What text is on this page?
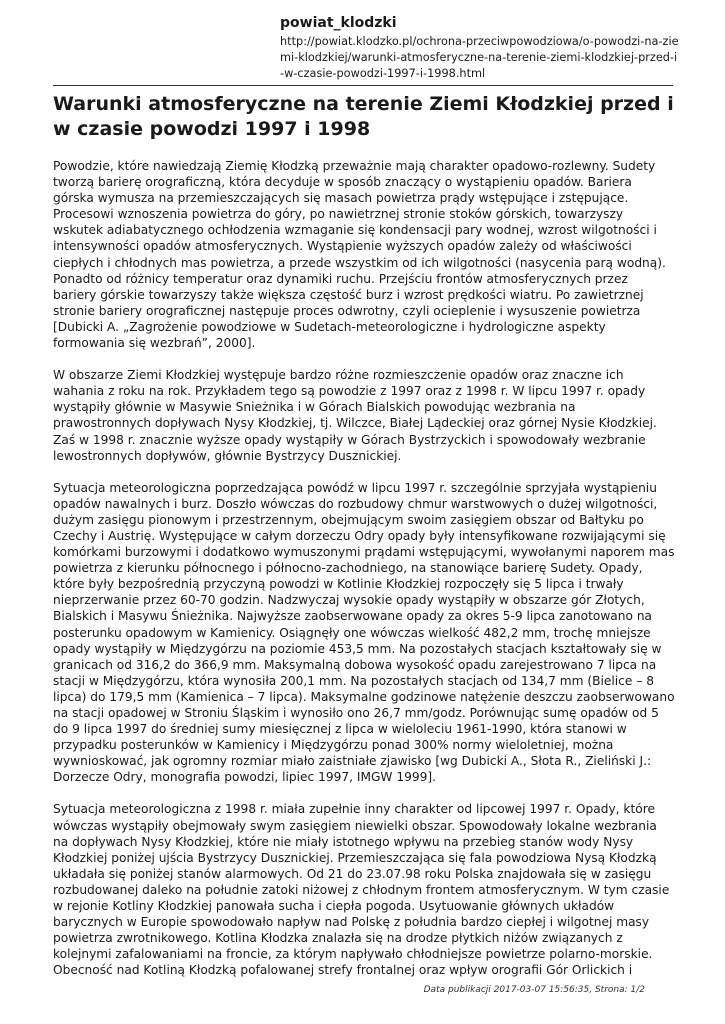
powiat_klodzki

http://powiat.klodzko.pl/ochrona-przeciwpowodziowa/o-powodzi-na-ziemi-klodzkiej/warunki-atmosferyczne-na-terenie-ziemi-klodzkiej-przed-i-w-czasie-powodzi-1997-i-1998.html

Warunki atmosferyczne na terenie Ziemi Kłodzkiej przed i w czasie powodzi 1997 i 1998

Powodzie, które nawiedzają Ziemię Kłodzką przeważnie mają charakter opadowo-rozlewny. Sudety tworzą barierę orograficzną, która decyduje w sposób znaczący o wystąpieniu opadów. Bariera górska wymusza na przemieszczających się masach powietrza prądy wstępujące i zstępujące. Procesowi wznoszenia powietrza do góry, po nawietrznej stronie stoków górskich, towarzyszy wskutek adiabatycznego ochłodzenia wzmaganie się kondensacji pary wodnej, wzrost wilgotności i intensywności opadów atmosferycznych. Wystąpienie wyższych opadów zależy od właściwości ciepłych i chłodnych mas powietrza, a przede wszystkim od ich wilgotności (nasycenia parą wodną). Ponadto od różnicy temperatur oraz dynamiki ruchu. Przejściu frontów atmosferycznych przez bariery górskie towarzyszy także większa częstość burz i wzrost prędkości wiatru. Po zawietrznej stronie bariery orograficznej następuje proces odwrotny, czyli ocieplenie i wysuszenie powietrza [Dubicki A. „Zagrożenie powodziowe w Sudetach-meteorologiczne i hydrologiczne aspekty formowania się wezbrań”, 2000].

W obszarze Ziemi Kłodzkiej występuje bardzo różne rozmieszczenie opadów oraz znaczne ich wahania z roku na rok. Przykładem tego są powodzie z 1997 oraz z 1998 r. W lipcu 1997 r. opady wystąpiły głównie w Masywie Snieżnika i w Górach Bialskich powodując wezbrania na prawostronnych dopływach Nysy Kłodzkiej, tj. Wilczce, Białej Lądeckiej oraz górnej Nysie Kłodzkiej. Zaś w 1998 r. znacznie wyższe opady wystąpiły w Górach Bystrzyckich i spowodowały wezbranie lewostronnych dopływów, głównie Bystrzycy Dusznickiej.

Sytuacja meteorologiczna poprzedzająca powódź w lipcu 1997 r. szczególnie sprzyjała wystąpieniu opadów nawalnych i burz. Doszło wówczas do rozbudowy chmur warstwowych o dużej wilgotności, dużym zasięgu pionowym i przestrzennym, obejmującym swoim zasięgiem obszar od Bałtyku po Czechy i Austrię. Występujące w całym dorzeczu Odry opady były intensyfikowane rozwijającymi się komórkami burzowymi i dodatkowo wymuszonymi prądami wstępującymi, wywołanymi naporem mas powietrza z kierunku północnego i północno-zachodniego, na stanowiące barierę Sudety. Opady, które były bezpośrednią przyczyną powodzi w Kotlinie Kłodzkiej rozpoczęły się 5 lipca i trwały nieprzerwanie przez 60-70 godzin. Nadzwyczaj wysokie opady wystąpiły w obszarze gór Złotych, Bialskich i Masywu Śnieżnika. Najwyższe zaobserwowane opady za okres 5-9 lipca zanotowano na posterunku opadowym w Kamienicy. Osiągnęły one wówczas wielkość 482,2 mm, trochę mniejsze opady wystąpiły w Międzygórzu na poziomie 453,5 mm. Na pozostałych stacjach kształtowały się w granicach od 316,2 do 366,9 mm. Maksymalną dobowa wysokość opadu zarejestrowano 7 lipca na stacji w Międzygórzu, która wynosiła 200,1 mm. Na pozostałych stacjach od 134,7 mm (Bielice – 8 lipca) do 179,5 mm (Kamienica – 7 lipca). Maksymalne godzinowe natężenie deszczu zaobserwowano na stacji opadowej w Stroniu Śląskim i wynosiło ono 26,7 mm/godz. Porównując sumę opadów od 5 do 9 lipca 1997 do średniej sumy miesięcznej z lipca w wieloleciu 1961-1990, która stanowi w przypadku posterunków w Kamienicy i Międzygórzu ponad 300% normy wieloletniej, można wywnioskować, jak ogromny rozmiar miało zaistniałe zjawisko [wg Dubicki A., Słota R., Zieliński J.: Dorzecze Odry, monografia powodzi, lipiec 1997, IMGW 1999].

Sytuacja meteorologiczna z 1998 r. miała zupełnie inny charakter od lipcowej 1997 r. Opady, które wówczas wystąpiły obejmowały swym zasięgiem niewielki obszar. Spowodowały lokalne wezbrania na dopływach Nysy Kłodzkiej, które nie miały istotnego wpływu na przebieg stanów wody Nysy Kłodzkiej poniżej ujścia Bystrzycy Dusznickiej. Przemieszczająca się fala powodziowa Nysą Kłodzką układała się poniżej stanów alarmowych. Od 21 do 23.07.98 roku Polska znajdowała się w zasięgu rozbudowanej daleko na południe zatoki niżowej z chłodnym frontem atmosferycznym. W tym czasie w rejonie Kotliny Kłodzkiej panowała sucha i ciepła pogoda. Usytuowanie głównych układów barycznych w Europie spowodowało napływ nad Polskę z południa bardzo ciepłej i wilgotnej masy powietrza zwrotnikowego. Kotlina Kłodzka znalazła się na drodze płytkich niżów związanych z kolejnymi zafalowaniami na froncie, za którym napływało chłodniejsze powietrze polarno-morskie. Obecność nad Kotliną Kłodzką pofalowanej strefy frontalnej oraz wpływ orografii Gór Orlickich i

Data publikacji 2017-03-07 15:56:35, Strona: 1/2
